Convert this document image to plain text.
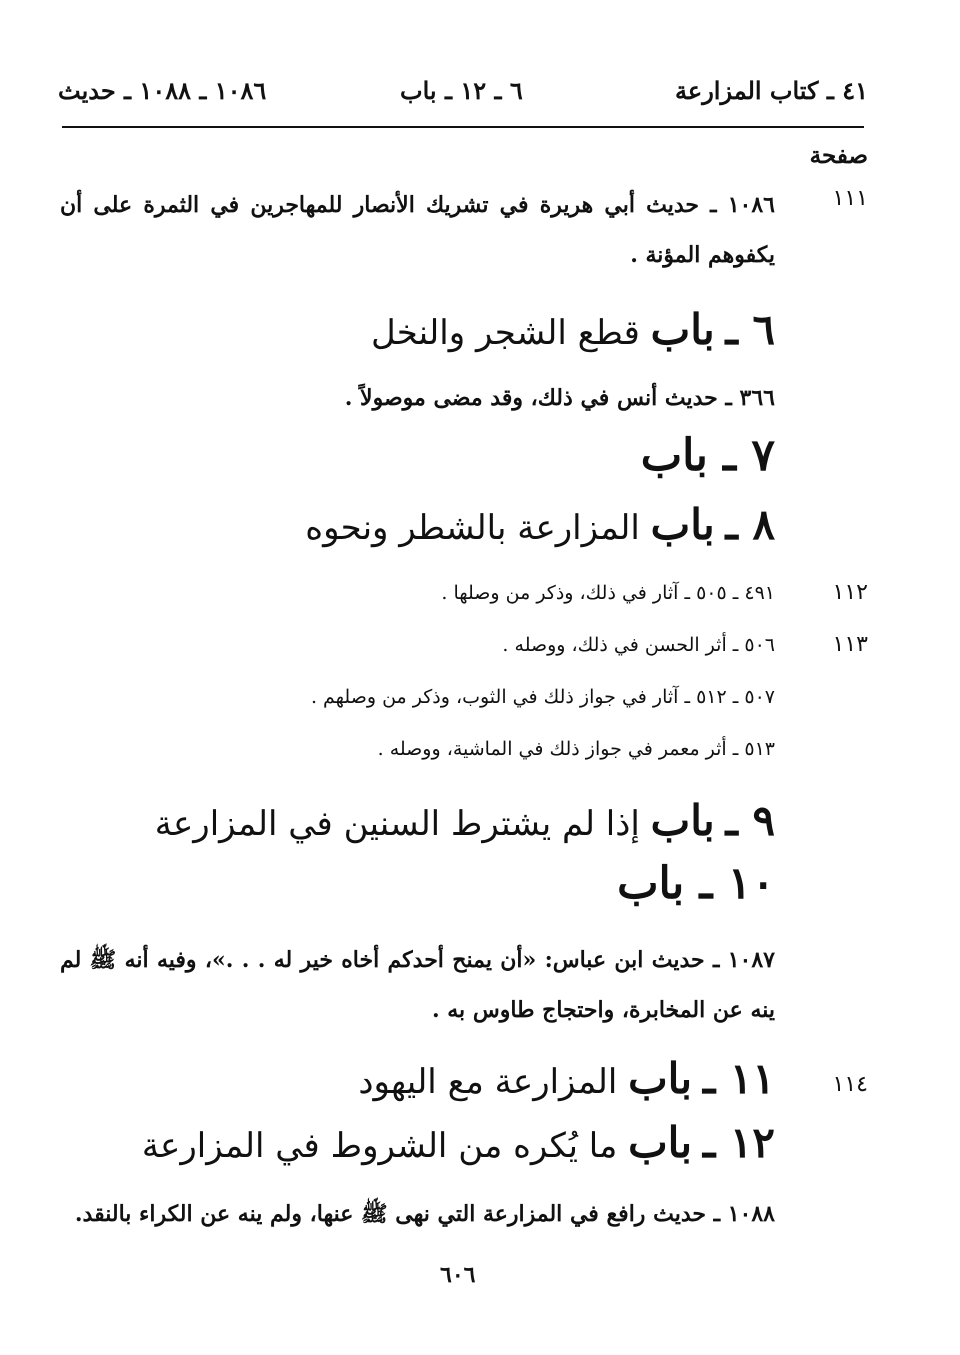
٤١ ـ كتاب المزارعة
٦ ـ ١٢ ـ باب
١٠٨٦ ـ ١٠٨٨ ـ حديث
صفحة
١١١
١٠٨٦ ـ حديث أبي هريرة في تشريك الأنصار للمهاجرين في الثمرة على أن يكفوهم المؤنة .
٦ ـ باب قطع الشجر والنخل
٣٦٦ ـ حديث أنس في ذلك، وقد مضى موصولاً .
٧ ـ باب
٨ ـ باب المزارعة بالشطر ونحوه
١١٢
٤٩١ ـ ٥٠٥ ـ آثار في ذلك، وذكر من وصلها .
١١٣
٥٠٦ ـ أثر الحسن في ذلك، ووصله .
٥٠٧ ـ ٥١٢ ـ آثار في جواز ذلك في الثوب، وذكر من وصلهم .
٥١٣ ـ أثر معمر في جواز ذلك في الماشية، ووصله .
٩ ـ باب إذا لم يشترط السنين في المزارعة
١٠ ـ باب
١٠٨٧ ـ حديث ابن عباس: «أن يمنح أحدكم أخاه خير له . . .»، وفيه أنه ﷺ لم ينه عن المخابرة، واحتجاج طاوس به .
١١٤
١١ ـ باب المزارعة مع اليهود
١٢ ـ باب ما يُكره من الشروط في المزارعة
١٠٨٨ ـ حديث رافع في المزارعة التي نهى ﷺ عنها، ولم ينه عن الكراء بالنقد.
٦٠٦
